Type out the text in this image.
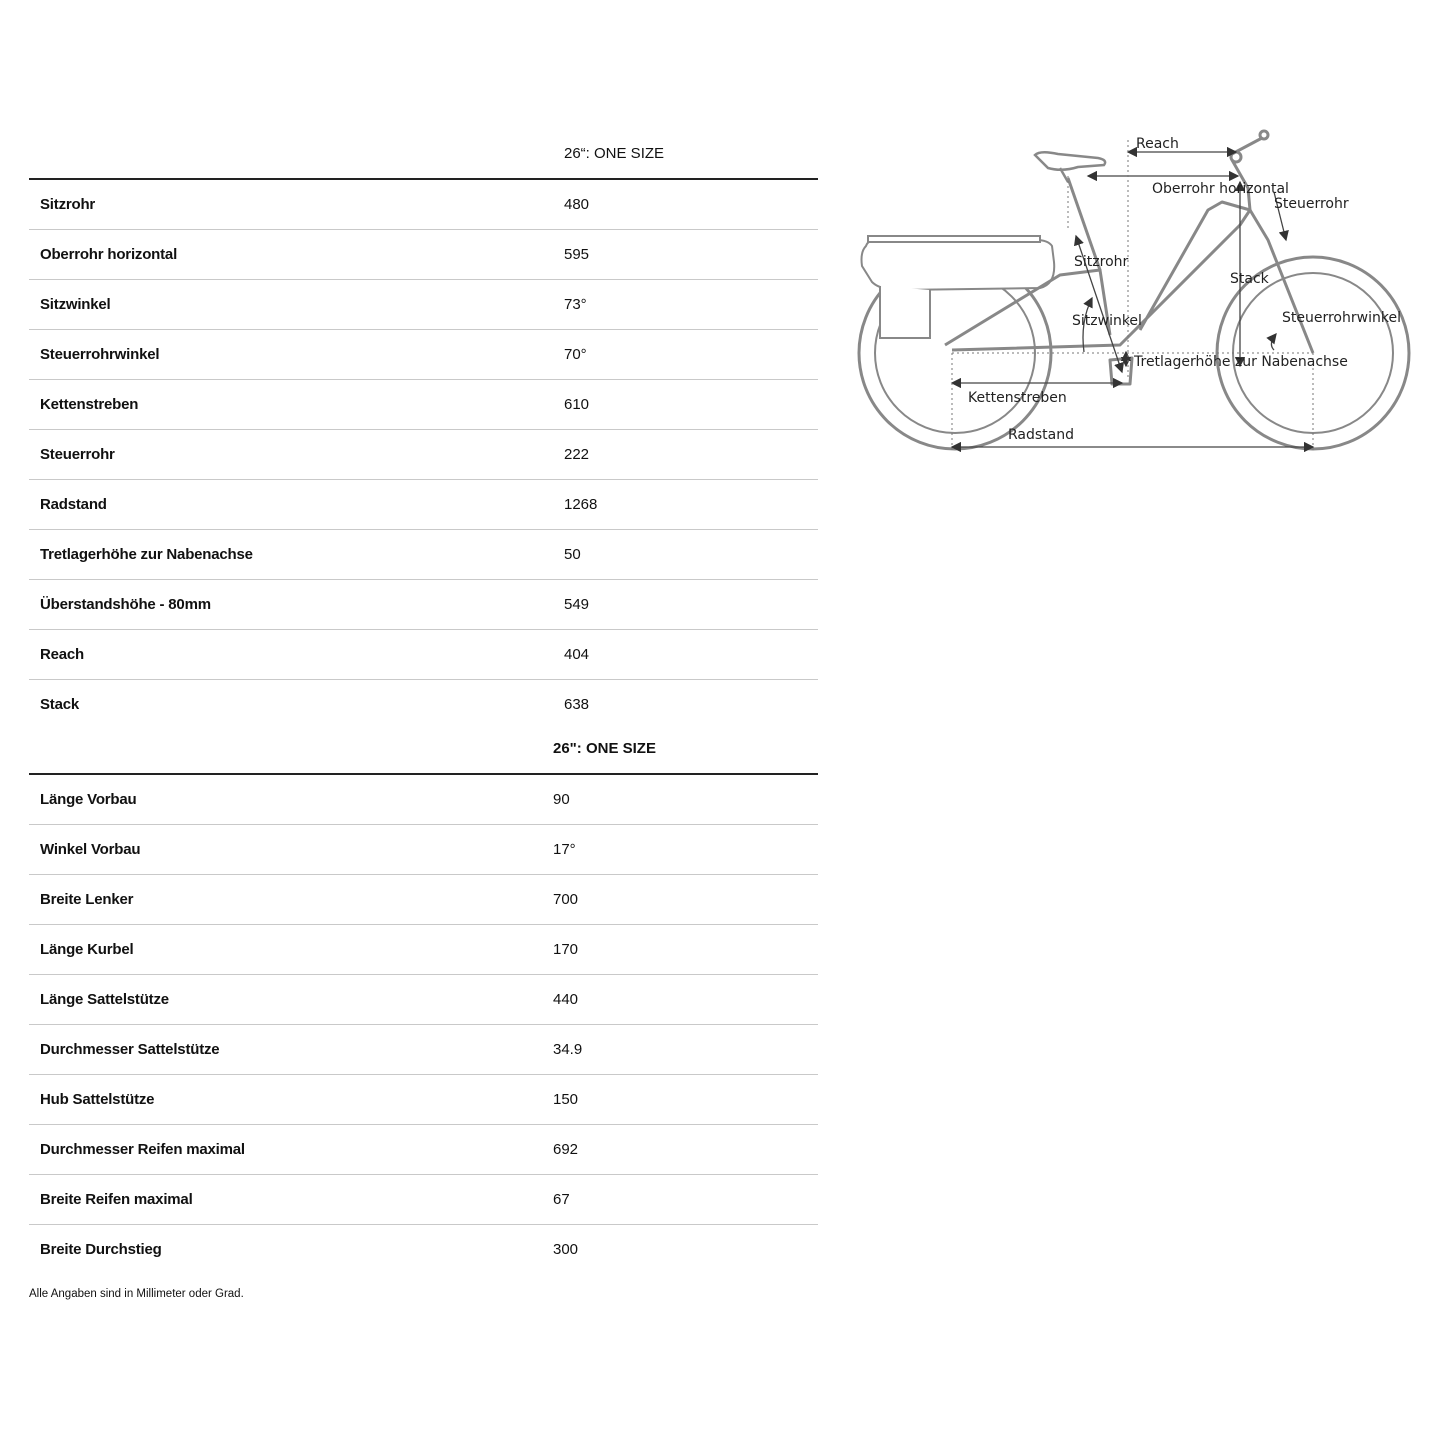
26“: ONE SIZE
Sitzrohr	480
Oberrohr horizontal	595
Sitzwinkel	73°
Steuerrohrwinkel	70°
Kettenstreben	610
Steuerrohr	222
Radstand	1268
Tretlagerhöhe zur Nabenachse	50
Überstandshöhe - 80mm	549
Reach	404
Stack	638
26": ONE SIZE
Länge Vorbau	90
Winkel Vorbau	17°
Breite Lenker	700
Länge Kurbel	170
Länge Sattelstütze	440
Durchmesser Sattelstütze	34.9
Hub Sattelstütze	150
Durchmesser Reifen maximal	692
Breite Reifen maximal	67
Breite Durchstieg	300
Alle Angaben sind in Millimeter oder Grad.
Reach
Oberrohr horizontal
Steuerrohr
Sitzrohr
Stack
Sitzwinkel	Steuerrohrwinkel
Tretlagerhöhe zur Nabenachse
Kettenstreben
Radstand
